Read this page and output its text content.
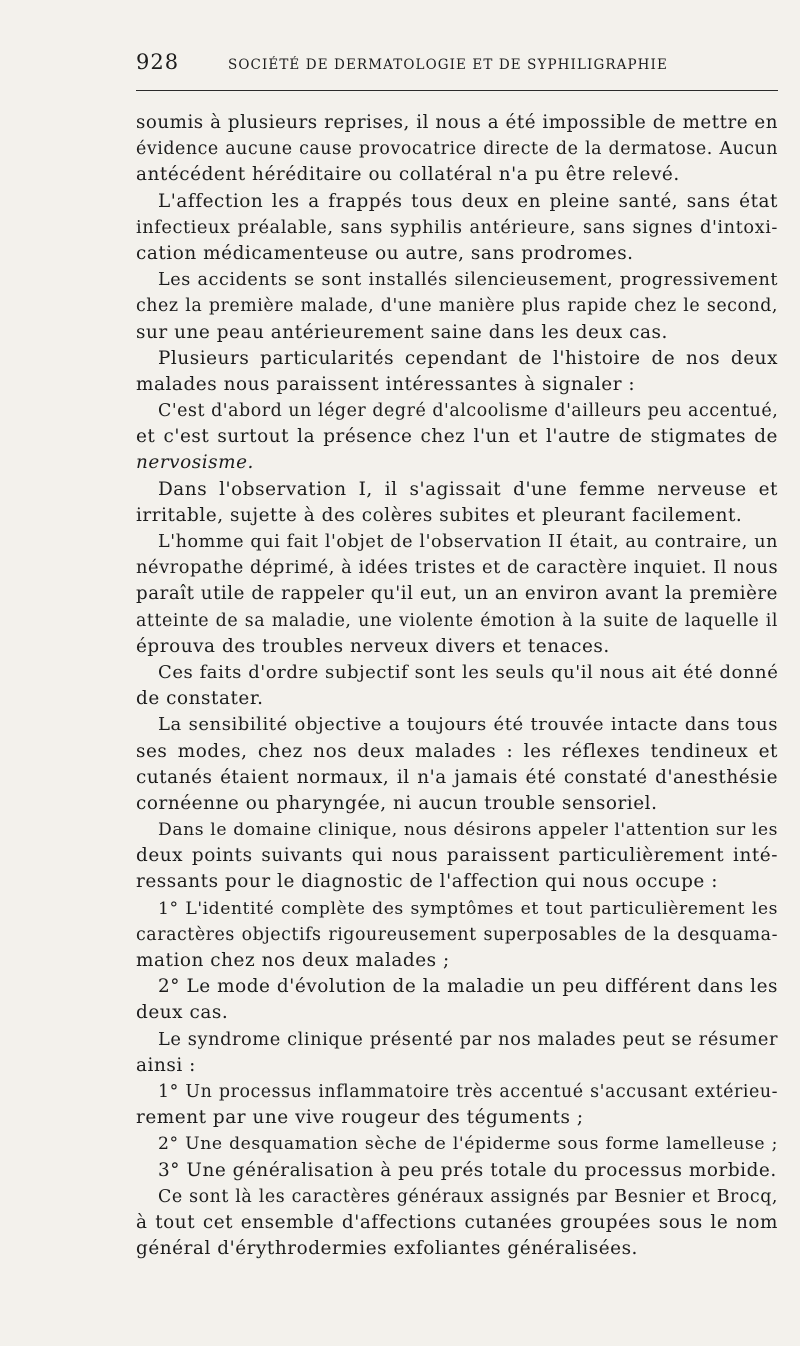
928	SOCIÉTÉ DE DERMATOLOGIE ET DE SYPHILIGRAPHIE
soumis à plusieurs reprises, il nous a été impossible de mettre en
évidence aucune cause provocatrice directe de la dermatose. Aucun
antécédent héréditaire ou collatéral n'a pu être relevé.
L'affection les a frappés tous deux en pleine santé, sans état
infectieux préalable, sans syphilis antérieure, sans signes d'intoxi-
cation médicamenteuse ou autre, sans prodromes.
Les accidents se sont installés silencieusement, progressivement
chez la première malade, d'une manière plus rapide chez le second,
sur une peau antérieurement saine dans les deux cas.
Plusieurs particularités cependant de l'histoire de nos deux
malades nous paraissent intéressantes à signaler :
C'est d'abord un léger degré d'alcoolisme d'ailleurs peu accentué,
et c'est surtout la présence chez l'un et l'autre de stigmates de
nervosisme.
Dans l'observation I, il s'agissait d'une femme nerveuse et
irritable, sujette à des colères subites et pleurant facilement.
L'homme qui fait l'objet de l'observation II était, au contraire, un
névropathe déprimé, à idées tristes et de caractère inquiet. Il nous
paraît utile de rappeler qu'il eut, un an environ avant la première
atteinte de sa maladie, une violente émotion à la suite de laquelle il
éprouva des troubles nerveux divers et tenaces.
Ces faits d'ordre subjectif sont les seuls qu'il nous ait été donné
de constater.
La sensibilité objective a toujours été trouvée intacte dans tous
ses modes, chez nos deux malades : les réflexes tendineux et
cutanés étaient normaux, il n'a jamais été constaté d'anesthésie
cornéenne ou pharyngée, ni aucun trouble sensoriel.
Dans le domaine clinique, nous désirons appeler l'attention sur les
deux points suivants qui nous paraissent particulièrement inté-
ressants pour le diagnostic de l'affection qui nous occupe :
1° L'identité complète des symptômes et tout particulièrement les
caractères objectifs rigoureusement superposables de la desquama-
mation chez nos deux malades ;
2° Le mode d'évolution de la maladie un peu différent dans les
deux cas.
Le syndrome clinique présenté par nos malades peut se résumer
ainsi :
1° Un processus inflammatoire très accentué s'accusant extérieu-
rement par une vive rougeur des téguments ;
2° Une desquamation sèche de l'épiderme sous forme lamelleuse ;
3° Une généralisation à peu prés totale du processus morbide.
Ce sont là les caractères généraux assignés par Besnier et Brocq,
à tout cet ensemble d'affections cutanées groupées sous le nom
général d'érythrodermies exfoliantes généralisées.
